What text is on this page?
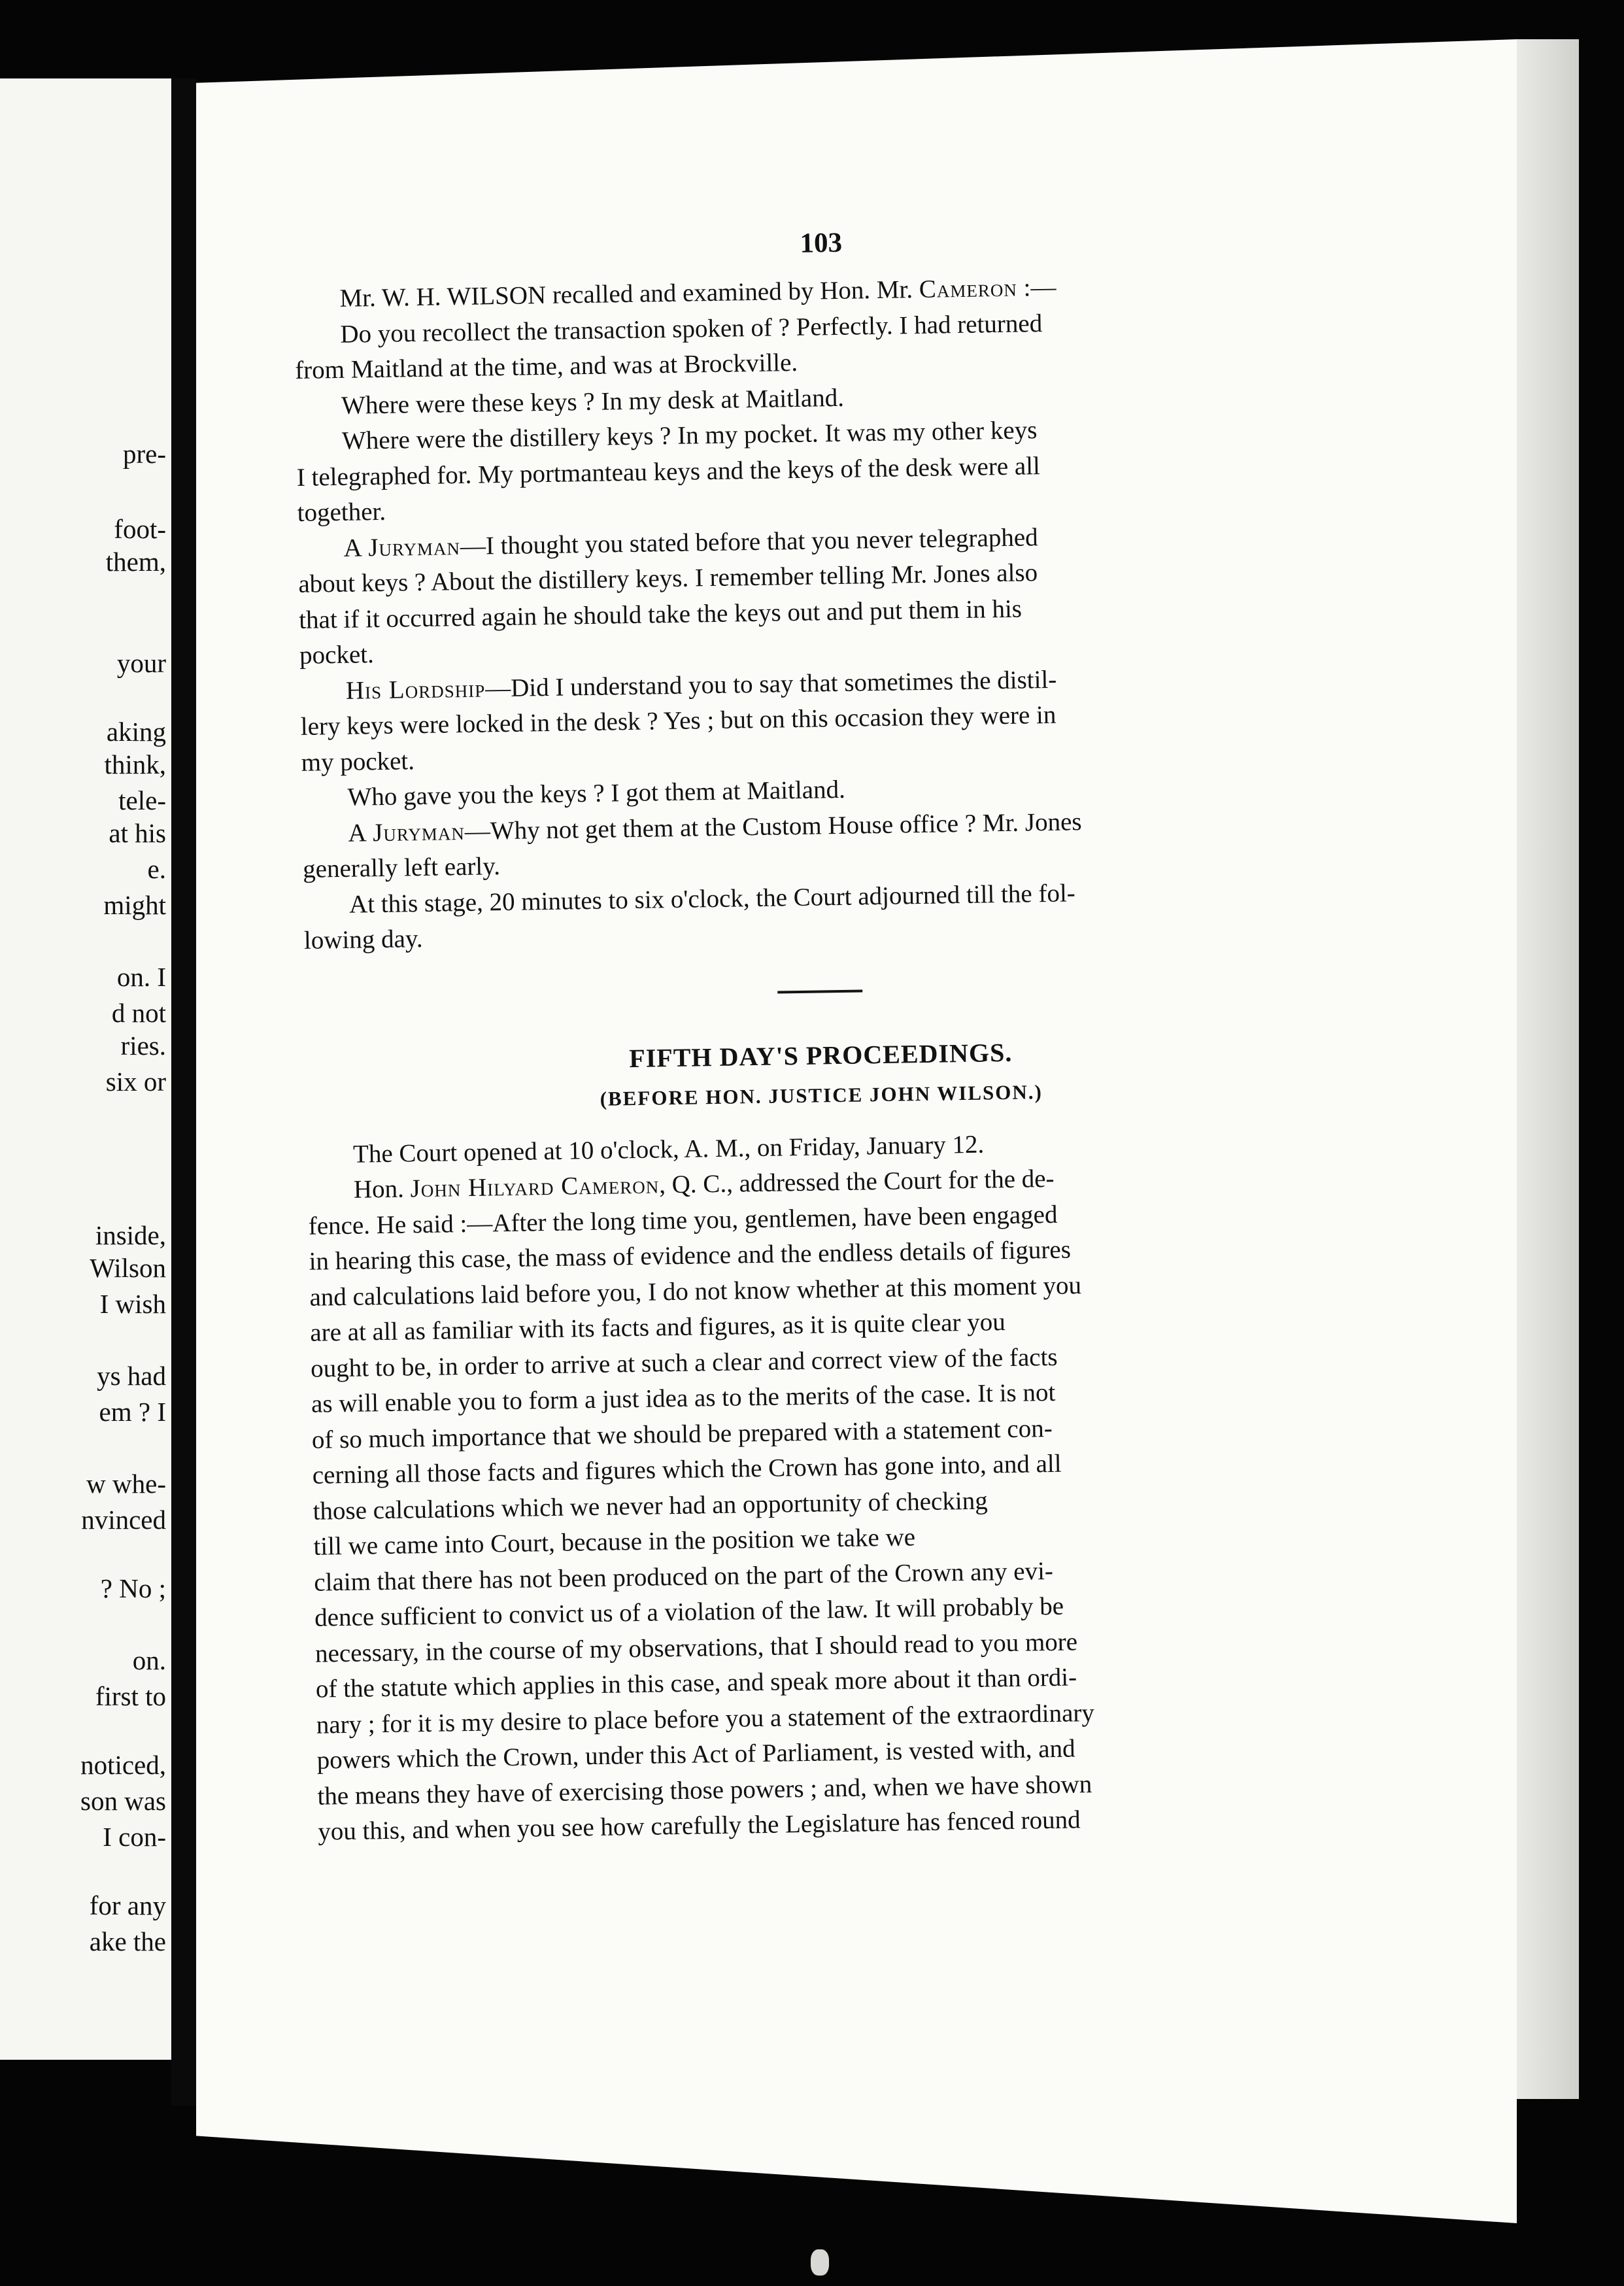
pre-
foot-
them,
your
aking
think,
tele-
at his
e.
might
on. I
d not
ries.
six or
inside,
Wilson
I wish
ys had
em ? I
w whe-
nvinced
? No ;
on.
first to
noticed,
son was
I con-
for any
ake the
103
Mr. W. H. WILSON recalled and examined by Hon. Mr. Cameron :—
Do you recollect the transaction spoken of ? Perfectly. I had returned
from Maitland at the time, and was at Brockville.
Where were these keys ? In my desk at Maitland.
Where were the distillery keys ? In my pocket. It was my other keys
I telegraphed for. My portmanteau keys and the keys of the desk were all
together.
A Juryman—I thought you stated before that you never telegraphed
about keys ? About the distillery keys. I remember telling Mr. Jones also
that if it occurred again he should take the keys out and put them in his
pocket.
His Lordship—Did I understand you to say that sometimes the distil-
lery keys were locked in the desk ? Yes ; but on this occasion they were in
my pocket.
Who gave you the keys ? I got them at Maitland.
A Juryman—Why not get them at the Custom House office ? Mr. Jones
generally left early.
At this stage, 20 minutes to six o'clock, the Court adjourned till the fol-
lowing day.
FIFTH DAY'S PROCEEDINGS.
(BEFORE HON. JUSTICE JOHN WILSON.)
The Court opened at 10 o'clock, A. M., on Friday, January 12.
Hon. John Hilyard Cameron, Q. C., addressed the Court for the de-
fence. He said :—After the long time you, gentlemen, have been engaged
in hearing this case, the mass of evidence and the endless details of figures
and calculations laid before you, I do not know whether at this moment you
are at all as familiar with its facts and figures, as it is quite clear you
ought to be, in order to arrive at such a clear and correct view of the facts
as will enable you to form a just idea as to the merits of the case. It is not
of so much importance that we should be prepared with a statement con-
cerning all those facts and figures which the Crown has gone into, and all
those calculations which we never had an opportunity of checking
till we came into Court, because in the position we take we
claim that there has not been produced on the part of the Crown any evi-
dence sufficient to convict us of a violation of the law. It will probably be
necessary, in the course of my observations, that I should read to you more
of the statute which applies in this case, and speak more about it than ordi-
nary ; for it is my desire to place before you a statement of the extraordinary
powers which the Crown, under this Act of Parliament, is vested with, and
the means they have of exercising those powers ; and, when we have shown
you this, and when you see how carefully the Legislature has fenced round
